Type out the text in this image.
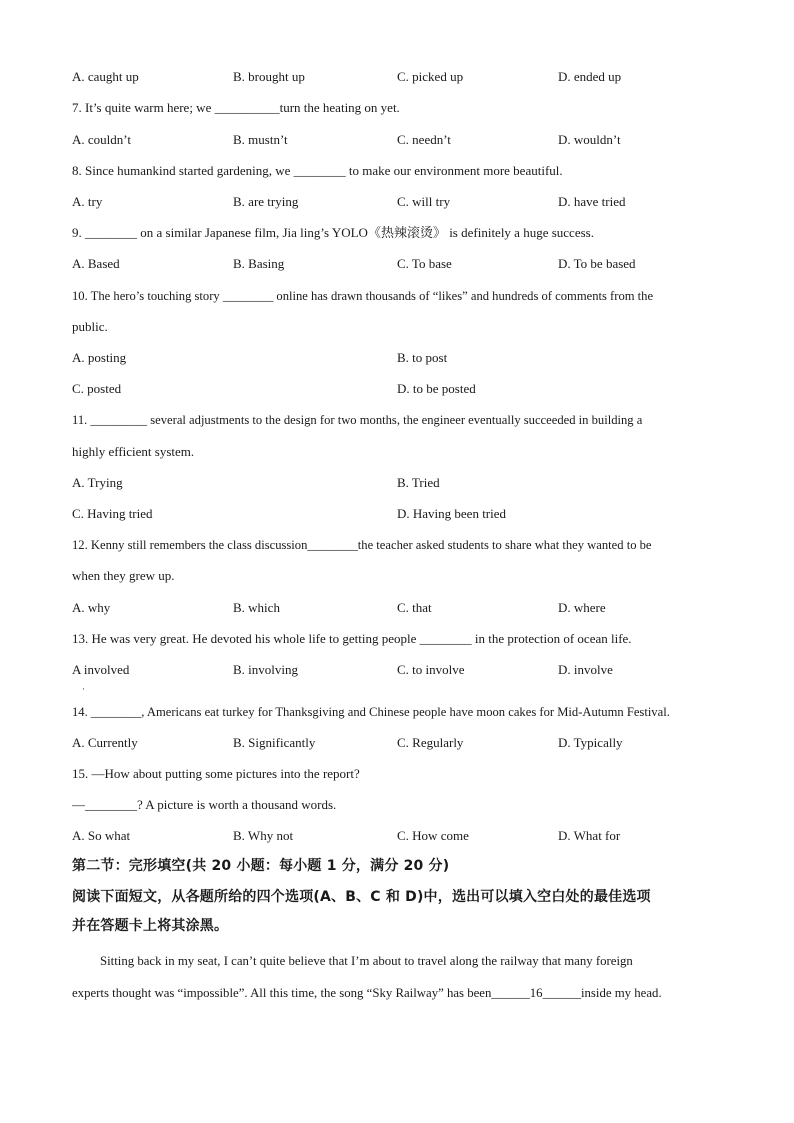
A. caught up	B. brought up	C. picked up	D. ended up
7. It’s quite warm here; we __________turn the heating on yet.
A. couldn’t	B. mustn’t	C. needn’t	D. wouldn’t
8. Since humankind started gardening, we ________ to make our environment more beautiful.
A. try	B. are trying	C. will try	D. have tried
9. ________ on a similar Japanese film, Jia ling’s YOLO《热辣滚烫》 is definitely a huge success.
A. Based	B. Basing	C. To base	D. To be based
10. The hero’s touching story ________ online has drawn thousands of “likes” and hundreds of comments from the
public.
A. posting	B. to post
C. posted	D. to be posted
11. _________ several adjustments to the design for two months, the engineer eventually succeeded in building a
highly efficient system.
A. Trying	B. Tried
C. Having tried	D. Having been tried
12. Kenny still remembers the class discussion________the teacher asked students to share what they wanted to be
when they grew up.
A. why	B. which	C. that	D. where
13. He was very great. He devoted his whole life to getting people ________ in the protection of ocean life.
A involved	B. involving	C. to involve	D. involve
·
14. ________, Americans eat turkey for Thanksgiving and Chinese people have moon cakes for Mid-Autumn Festival.
A. Currently	B. Significantly	C. Regularly	D. Typically
15. —How about putting some pictures into the report?
—________? A picture is worth a thousand words.
A. So what	B. Why not	C. How come	D. What for
第二节：完形填空(共 20 小题：每小题 1 分，满分 20 分)
阅读下面短文，从各题所给的四个选项(A、B、C 和 D)中，选出可以填入空白处的最佳选项
并在答题卡上将其涂黑。
Sitting back in my seat, I can’t quite believe that I’m about to travel along the railway that many foreign
experts thought was “impossible”. All this time, the song “Sky Railway” has been______16______inside my head.
